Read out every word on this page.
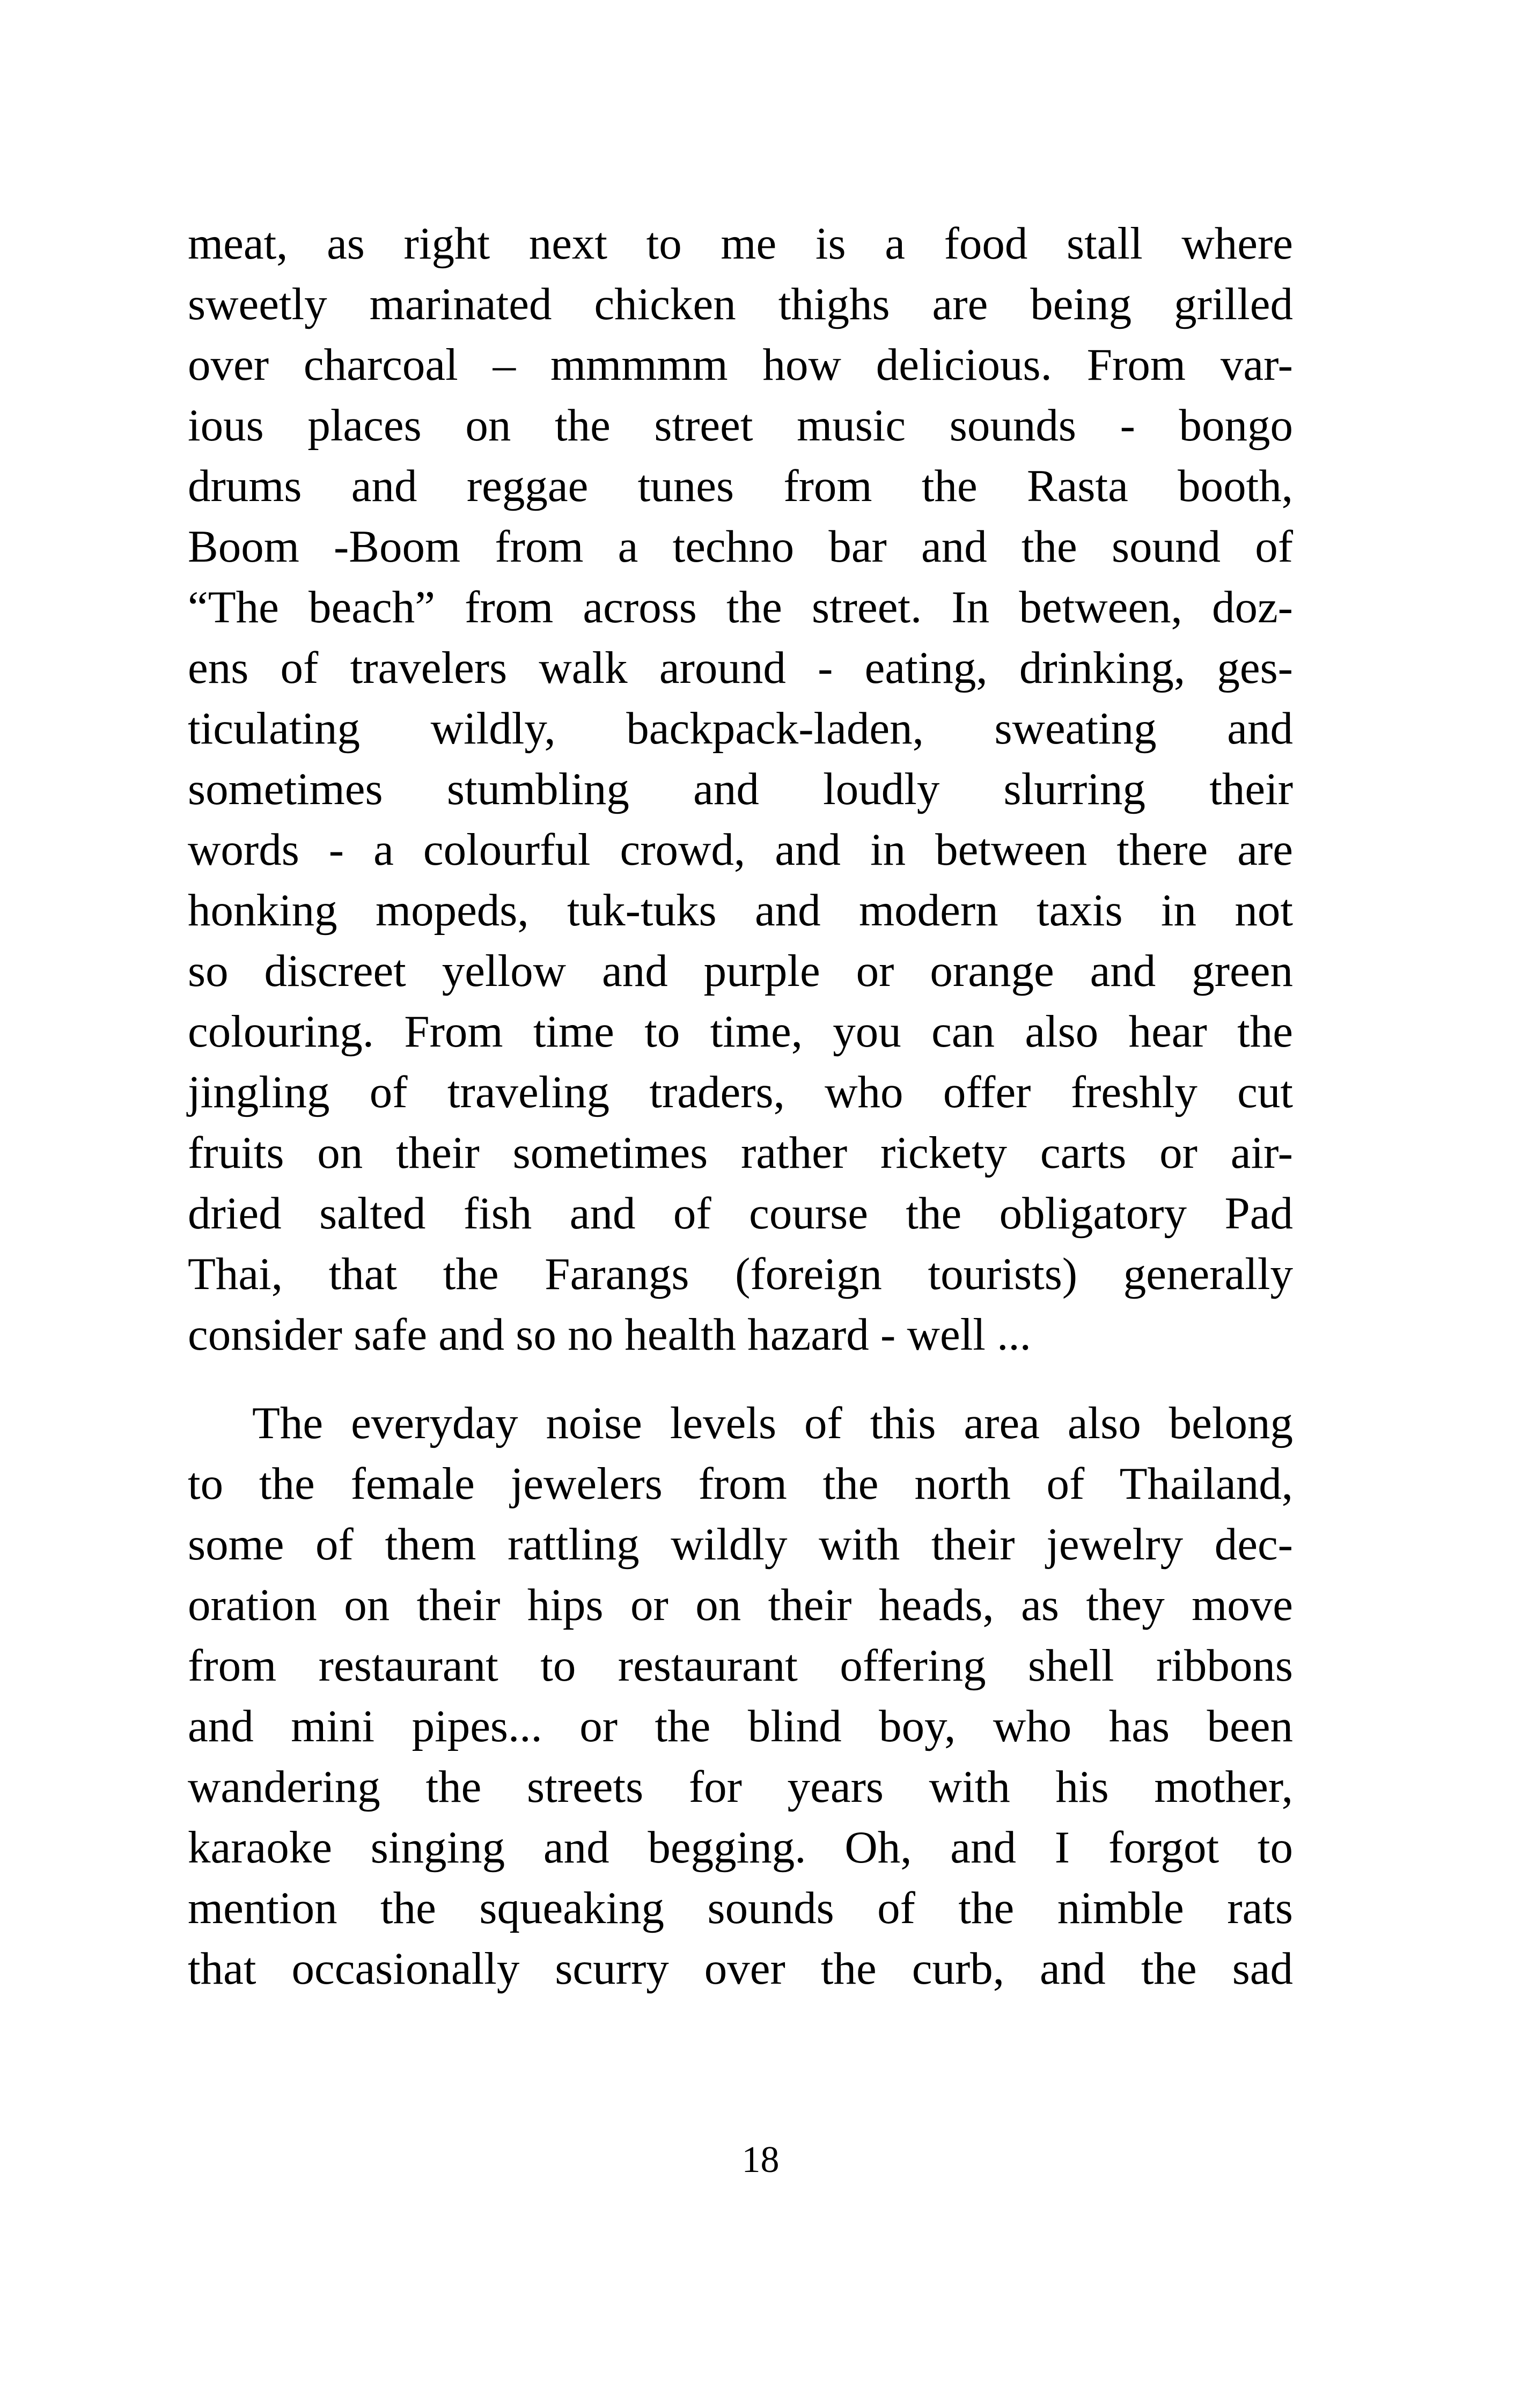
meat, as right next to me is a food stall where
sweetly marinated chicken thighs are being grilled
over charcoal – mmmmm how delicious. From var-
ious places on the street music sounds - bongo
drums and reggae tunes from the Rasta booth,
Boom -Boom from a techno bar and the sound of
“The beach” from across the street. In between, doz-
ens of travelers walk around - eating, drinking, ges-
ticulating wildly, backpack-laden, sweating and
sometimes stumbling and loudly slurring their
words - a colourful crowd, and in between there are
honking mopeds, tuk-tuks and modern taxis in not
so discreet yellow and purple or orange and green
colouring. From time to time, you can also hear the
jingling of traveling traders, who offer freshly cut
fruits on their sometimes rather rickety carts or air-
dried salted fish and of course the obligatory Pad
Thai, that the Farangs (foreign tourists) generally
consider safe and so no health hazard - well ...
The everyday noise levels of this area also belong
to the female jewelers from the north of Thailand,
some of them rattling wildly with their jewelry dec-
oration on their hips or on their heads, as they move
from restaurant to restaurant offering shell ribbons
and mini pipes... or the blind boy, who has been
wandering the streets for years with his mother,
karaoke singing and begging. Oh, and I forgot to
mention the squeaking sounds of the nimble rats
that occasionally scurry over the curb, and the sad
18
